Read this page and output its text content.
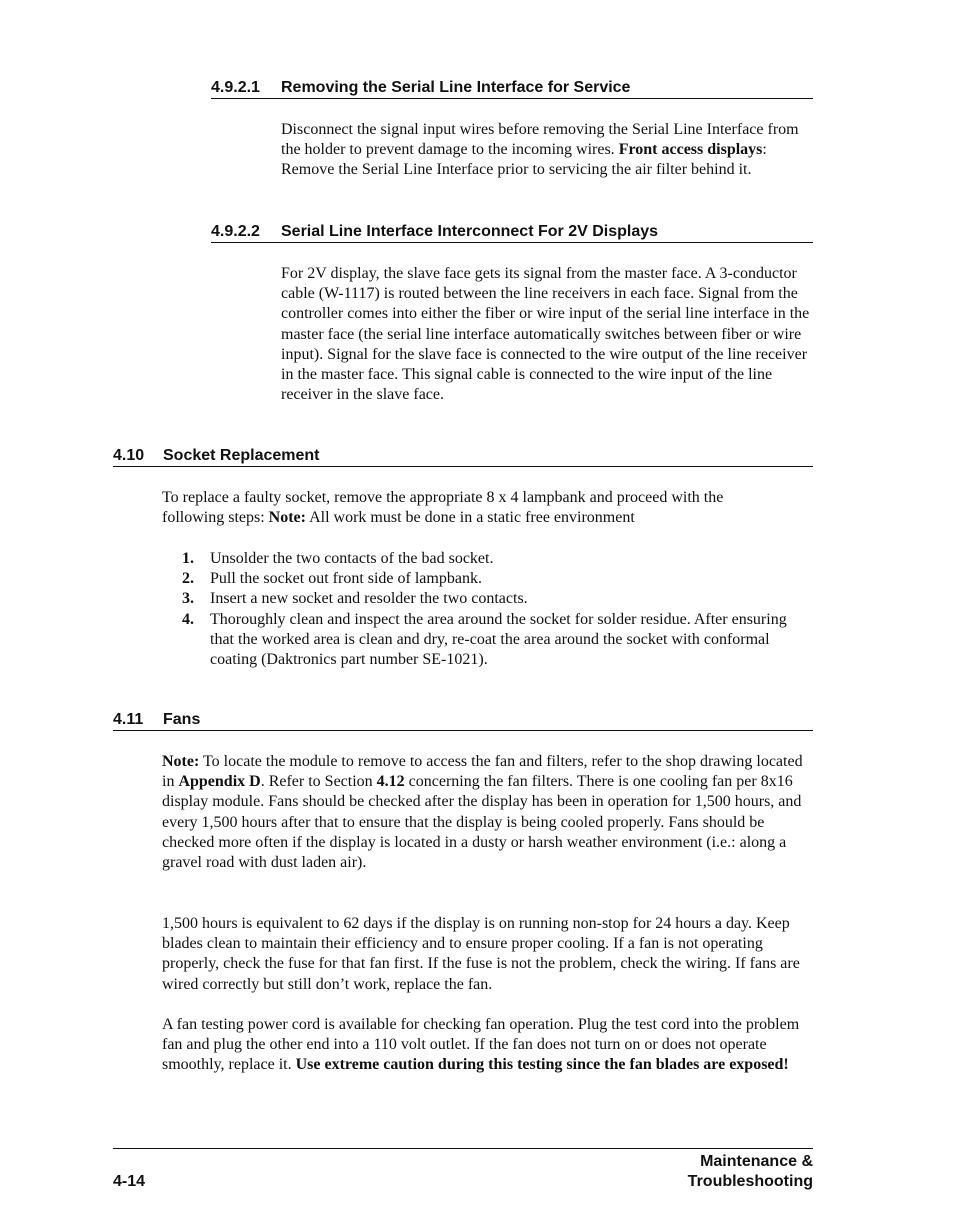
4.9.2.1 Removing the Serial Line Interface for Service

Disconnect the signal input wires before removing the Serial Line Interface from the holder to prevent damage to the incoming wires. Front access displays: Remove the Serial Line Interface prior to servicing the air filter behind it.

4.9.2.2 Serial Line Interface Interconnect For 2V Displays

For 2V display, the slave face gets its signal from the master face. A 3-conductor cable (W-1117) is routed between the line receivers in each face. Signal from the controller comes into either the fiber or wire input of the serial line interface in the master face (the serial line interface automatically switches between fiber or wire input). Signal for the slave face is connected to the wire output of the line receiver in the master face. This signal cable is connected to the wire input of the line receiver in the slave face.

4.10 Socket Replacement

To replace a faulty socket, remove the appropriate 8 x 4 lampbank and proceed with the following steps: Note: All work must be done in a static free environment

1. Unsolder the two contacts of the bad socket.
2. Pull the socket out front side of lampbank.
3. Insert a new socket and resolder the two contacts.
4. Thoroughly clean and inspect the area around the socket for solder residue. After ensuring that the worked area is clean and dry, re-coat the area around the socket with conformal coating (Daktronics part number SE-1021).
4.11 Fans

Note: To locate the module to remove to access the fan and filters, refer to the shop drawing located in Appendix D. Refer to Section 4.12 concerning the fan filters. There is one cooling fan per 8x16 display module. Fans should be checked after the display has been in operation for 1,500 hours, and every 1,500 hours after that to ensure that the display is being cooled properly. Fans should be checked more often if the display is located in a dusty or harsh weather environment (i.e.: along a gravel road with dust laden air).

1,500 hours is equivalent to 62 days if the display is on running non-stop for 24 hours a day. Keep blades clean to maintain their efficiency and to ensure proper cooling. If a fan is not operating properly, check the fuse for that fan first. If the fuse is not the problem, check the wiring. If fans are wired correctly but still don’t work, replace the fan.

A fan testing power cord is available for checking fan operation. Plug the test cord into the problem fan and plug the other end into a 110 volt outlet. If the fan does not turn on or does not operate smoothly, replace it. Use extreme caution during this testing since the fan blades are exposed!

4-14
Maintenance &
Troubleshooting
